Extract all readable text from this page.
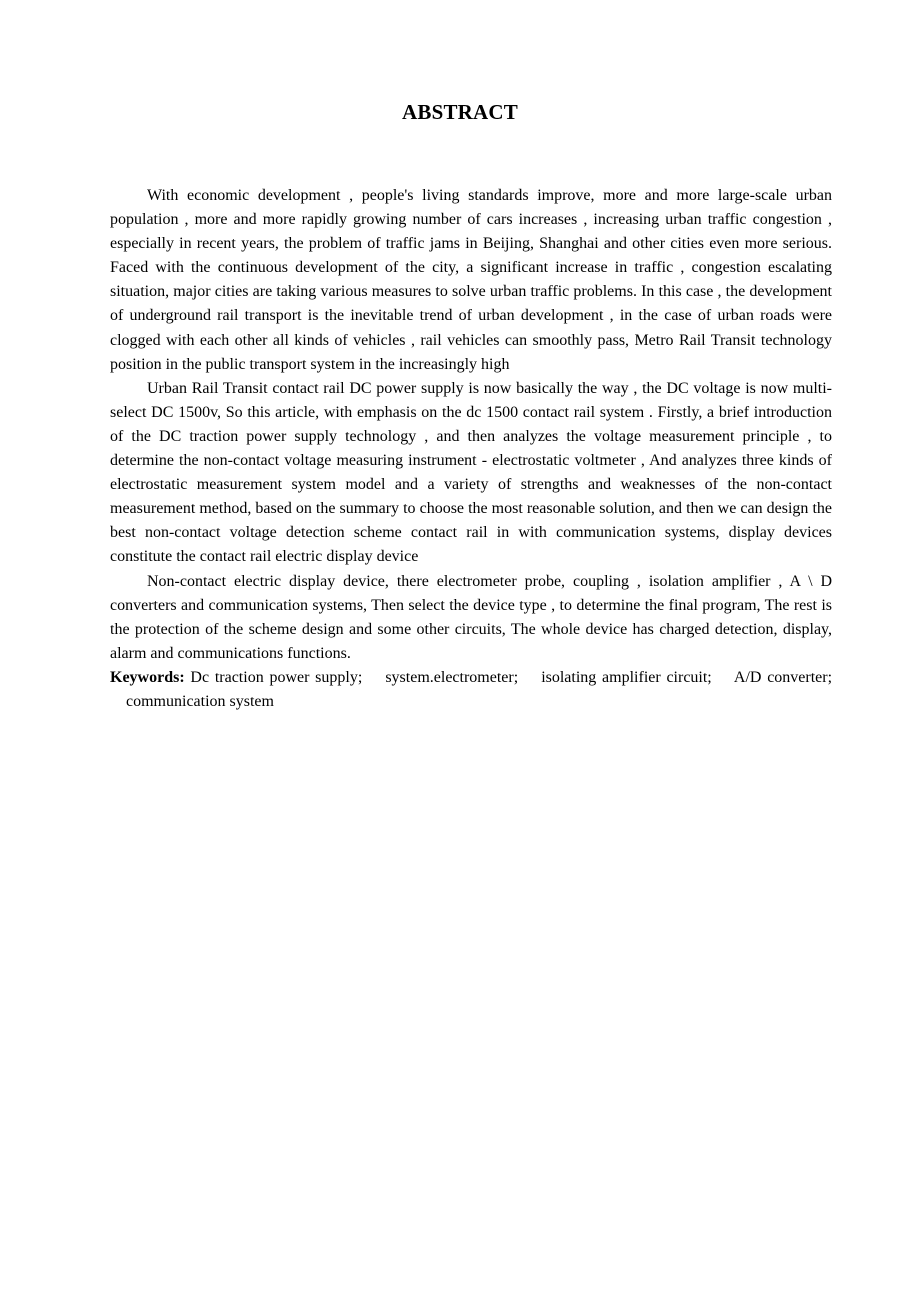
ABSTRACT

With economic development , people's living standards improve, more and more large-scale urban population , more and more rapidly growing number of cars increases , increasing urban traffic congestion , especially in recent years, the problem of traffic jams in Beijing, Shanghai and other cities even more serious. Faced with the continuous development of the city, a significant increase in traffic , congestion escalating situation, major cities are taking various measures to solve urban traffic problems. In this case , the development of underground rail transport is the inevitable trend of urban development , in the case of urban roads were clogged with each other all kinds of vehicles , rail vehicles can smoothly pass, Metro Rail Transit technology position in the public transport system in the increasingly high

Urban Rail Transit contact rail DC power supply is now basically the way , the DC voltage is now multi- select DC 1500v, So this article, with emphasis on the dc 1500 contact rail system . Firstly, a brief introduction of the DC traction power supply technology , and then analyzes the voltage measurement principle , to determine the non-contact voltage measuring instrument - electrostatic voltmeter , And analyzes three kinds of electrostatic measurement system model and a variety of strengths and weaknesses of the non-contact measurement method, based on the summary to choose the most reasonable solution, and then we can design the best non-contact voltage detection scheme contact rail in with communication systems, display devices constitute the contact rail electric display device

Non-contact electric display device, there electrometer probe, coupling , isolation amplifier , A \ D converters and communication systems, Then select the device type , to determine the final program, The rest is the protection of the scheme design and some other circuits, The whole device has charged detection, display, alarm and communications functions.

Keywords: Dc traction power supply; system.electrometer; isolating amplifier circuit; A/D converter;    communication system
